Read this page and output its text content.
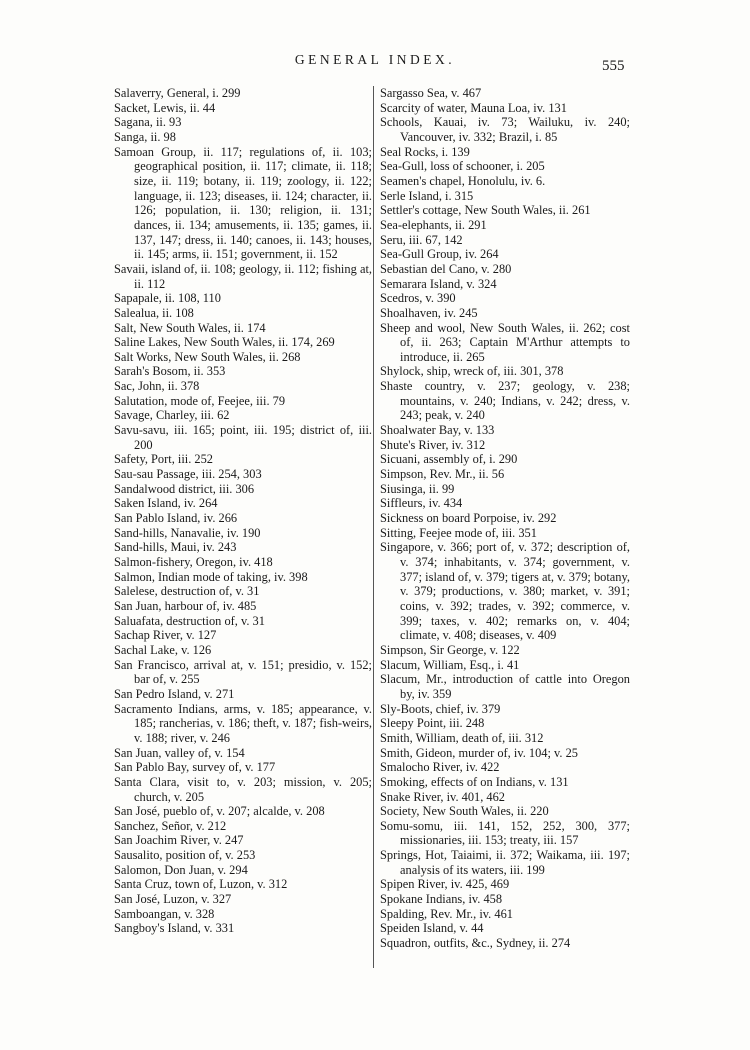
GENERAL INDEX.	555
Salaverry, General, i. 299
Sacket, Lewis, ii. 44
Sagana, ii. 93
Sanga, ii. 98
Samoan Group, ii. 117; regulations of, ii. 103; geographical position, ii. 117; climate, ii. 118; size, ii. 119; botany, ii. 119; zoology, ii. 122; language, ii. 123; diseases, ii. 124; character, ii. 126; population, ii. 130; religion, ii. 131; dances, ii. 134; amusements, ii. 135; games, ii. 137, 147; dress, ii. 140; canoes, ii. 143; houses, ii. 145; arms, ii. 151; government, ii. 152
Savaii, island of, ii. 108; geology, ii. 112; fishing at, ii. 112
Sapapale, ii. 108, 110
Salealua, ii. 108
Salt, New South Wales, ii. 174
Saline Lakes, New South Wales, ii. 174, 269
Salt Works, New South Wales, ii. 268
Sarah's Bosom, ii. 353
Sac, John, ii. 378
Salutation, mode of, Feejee, iii. 79
Savage, Charley, iii. 62
Savu-savu, iii. 165; point, iii. 195; district of, iii. 200
Safety, Port, iii. 252
Sau-sau Passage, iii. 254, 303
Sandalwood district, iii. 306
Saken Island, iv. 264
San Pablo Island, iv. 266
Sand-hills, Nanavalie, iv. 190
Sand-hills, Maui, iv. 243
Salmon-fishery, Oregon, iv. 418
Salmon, Indian mode of taking, iv. 398
Salelese, destruction of, v. 31
San Juan, harbour of, iv. 485
Saluafata, destruction of, v. 31
Sachap River, v. 127
Sachal Lake, v. 126
San Francisco, arrival at, v. 151; presidio, v. 152; bar of, v. 255
San Pedro Island, v. 271
Sacramento Indians, arms, v. 185; appearance, v. 185; rancherias, v. 186; theft, v. 187; fish-weirs, v. 188; river, v. 246
San Juan, valley of, v. 154
San Pablo Bay, survey of, v. 177
Santa Clara, visit to, v. 203; mission, v. 205; church, v. 205
San José, pueblo of, v. 207; alcalde, v. 208
Sanchez, Señor, v. 212
San Joachim River, v. 247
Sausalito, position of, v. 253
Salomon, Don Juan, v. 294
Santa Cruz, town of, Luzon, v. 312
San José, Luzon, v. 327
Samboangan, v. 328
Sangboy's Island, v. 331
Sargasso Sea, v. 467
Scarcity of water, Mauna Loa, iv. 131
Schools, Kauai, iv. 73; Wailuku, iv. 240; Vancouver, iv. 332; Brazil, i. 85
Seal Rocks, i. 139
Sea-Gull, loss of schooner, i. 205
Seamen's chapel, Honolulu, iv. 6.
Serle Island, i. 315
Settler's cottage, New South Wales, ii. 261
Sea-elephants, ii. 291
Seru, iii. 67, 142
Sea-Gull Group, iv. 264
Sebastian del Cano, v. 280
Semarara Island, v. 324
Scedros, v. 390
Shoalhaven, iv. 245
Sheep and wool, New South Wales, ii. 262; cost of, ii. 263; Captain M'Arthur attempts to introduce, ii. 265
Shylock, ship, wreck of, iii. 301, 378
Shaste country, v. 237; geology, v. 238; mountains, v. 240; Indians, v. 242; dress, v. 243; peak, v. 240
Shoalwater Bay, v. 133
Shute's River, iv. 312
Sicuani, assembly of, i. 290
Simpson, Rev. Mr., ii. 56
Siusinga, ii. 99
Siffleurs, iv. 434
Sickness on board Porpoise, iv. 292
Sitting, Feejee mode of, iii. 351
Singapore, v. 366; port of, v. 372; description of, v. 374; inhabitants, v. 374; government, v. 377; island of, v. 379; tigers at, v. 379; botany, v. 379; productions, v. 380; market, v. 391; coins, v. 392; trades, v. 392; commerce, v. 399; taxes, v. 402; remarks on, v. 404; climate, v. 408; diseases, v. 409
Simpson, Sir George, v. 122
Slacum, William, Esq., i. 41
Slacum, Mr., introduction of cattle into Oregon by, iv. 359
Sly-Boots, chief, iv. 379
Sleepy Point, iii. 248
Smith, William, death of, iii. 312
Smith, Gideon, murder of, iv. 104; v. 25
Smalocho River, iv. 422
Smoking, effects of on Indians, v. 131
Snake River, iv. 401, 462
Society, New South Wales, ii. 220
Somu-somu, iii. 141, 152, 252, 300, 377; missionaries, iii. 153; treaty, iii. 157
Springs, Hot, Taiaimi, ii. 372; Waikama, iii. 197; analysis of its waters, iii. 199
Spipen River, iv. 425, 469
Spokane Indians, iv. 458
Spalding, Rev. Mr., iv. 461
Speiden Island, v. 44
Squadron, outfits, &c., Sydney, ii. 274
